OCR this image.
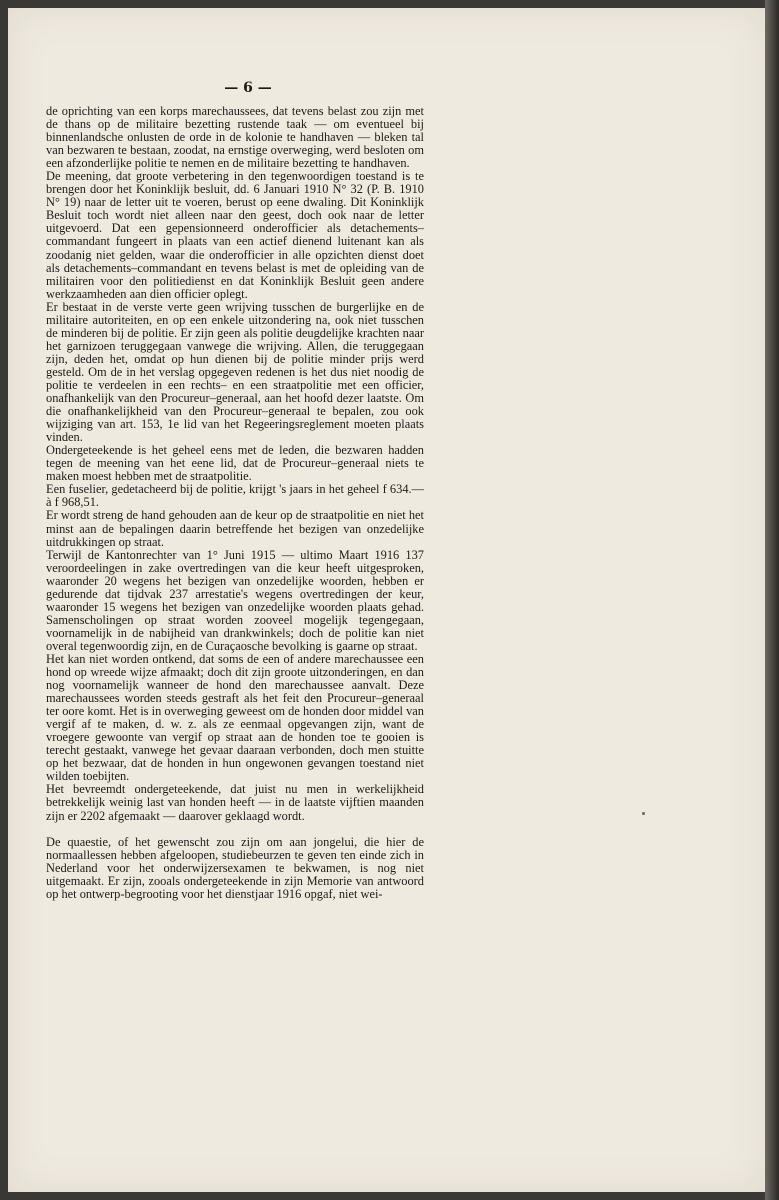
— 6 —

de oprichting van een korps marechaussees, dat tevens belast zou zijn met de thans op de militaire bezetting rustende taak — om eventueel bij binnenlandsche onlusten de orde in de kolonie te handhaven — bleken tal van bezwaren te bestaan, zoodat, na ernstige overweging, werd besloten om een afzonderlijke politie te nemen en de militaire bezetting te handhaven.

De meening, dat groote verbetering in den tegenwoordigen toestand is te brengen door het Koninklijk besluit, dd. 6 Januari 1910 N° 32 (P. B. 1910 N° 19) naar de letter uit te voeren, berust op eene dwaling. Dit Koninklijk Besluit toch wordt niet alleen naar den geest, doch ook naar de letter uitgevoerd. Dat een gepensionneerd onderofficier als detachements–commandant fungeert in plaats van een actief dienend luitenant kan als zoodanig niet gelden, waar die onderofficier in alle opzichten dienst doet als detachements–commandant en tevens belast is met de opleiding van de militairen voor den politiedienst en dat Koninklijk Besluit geen andere werkzaamheden aan dien officier oplegt.

Er bestaat in de verste verte geen wrijving tusschen de burgerlijke en de militaire autoriteiten, en op een enkele uitzondering na, ook niet tusschen de minderen bij de politie. Er zijn geen als politie deugdelijke krachten naar het garnizoen teruggegaan vanwege die wrijving. Allen, die teruggegaan zijn, deden het, omdat op hun dienen bij de politie minder prijs werd gesteld. Om de in het verslag opgegeven redenen is het dus niet noodig de politie te verdeelen in een rechts– en een straatpolitie met een officier, onafhankelijk van den Procureur–generaal, aan het hoofd dezer laatste. Om die onafhankelijkheid van den Procureur–generaal te bepalen, zou ook wijziging van art. 153, 1e lid van het Regeeringsreglement moeten plaats vinden.

Ondergeteekende is het geheel eens met de leden, die bezwaren hadden tegen de meening van het eene lid, dat de Procureur–generaal niets te maken moest hebben met de straatpolitie.

Een fuselier, gedetacheerd bij de politie, krijgt 's jaars in het geheel f 634.— à f 968,51.

Er wordt streng de hand gehouden aan de keur op de straatpolitie en niet het minst aan de bepalingen daarin betreffende het bezigen van onzedelijke uitdrukkingen op straat.

Terwijl de Kantonrechter van 1° Juni 1915 — ultimo Maart 1916 137 veroordeelingen in zake overtredingen van die keur heeft uitgesproken, waaronder 20 wegens het bezigen van onzedelijke woorden, hebben er gedurende dat tijdvak 237 arrestatie's wegens overtredingen der keur, waaronder 15 wegens het bezigen van onzedelijke woorden plaats gehad. Samenscholingen op straat worden zooveel mogelijk tegengegaan, voornamelijk in de nabijheid van drankwinkels; doch de politie kan niet overal tegenwoordig zijn, en de Curaçaosche bevolking is gaarne op straat.

Het kan niet worden ontkend, dat soms de een of andere marechaussee een hond op wreede wijze afmaakt; doch dit zijn groote uitzonderingen, en dan nog voornamelijk wanneer de hond den marechaussee aanvalt. Deze marechaussees worden steeds gestraft als het feit den Procureur–generaal ter oore komt. Het is in overweging geweest om de honden door middel van vergif af te maken, d. w. z. als ze eenmaal opgevangen zijn, want de vroegere gewoonte van vergif op straat aan de honden toe te gooien is terecht gestaakt, vanwege het gevaar daaraan verbonden, doch men stuitte op het bezwaar, dat de honden in hun ongewonen gevangen toestand niet wilden toebijten.

Het bevreemdt ondergeteekende, dat juist nu men in werkelijkheid betrekkelijk weinig last van honden heeft — in de laatste vijftien maanden zijn er 2202 afgemaakt — daarover geklaagd wordt.

De quaestie, of het gewenscht zou zijn om aan jongelui, die hier de normaallessen hebben afgeloopen, studiebeurzen te geven ten einde zich in Nederland voor het onderwijzersexamen te bekwamen, is nog niet uitgemaakt. Er zijn, zooals ondergeteekende in zijn Memorie van antwoord op het ontwerp-begrooting voor het dienstjaar 1916 opgaf, niet wei-
